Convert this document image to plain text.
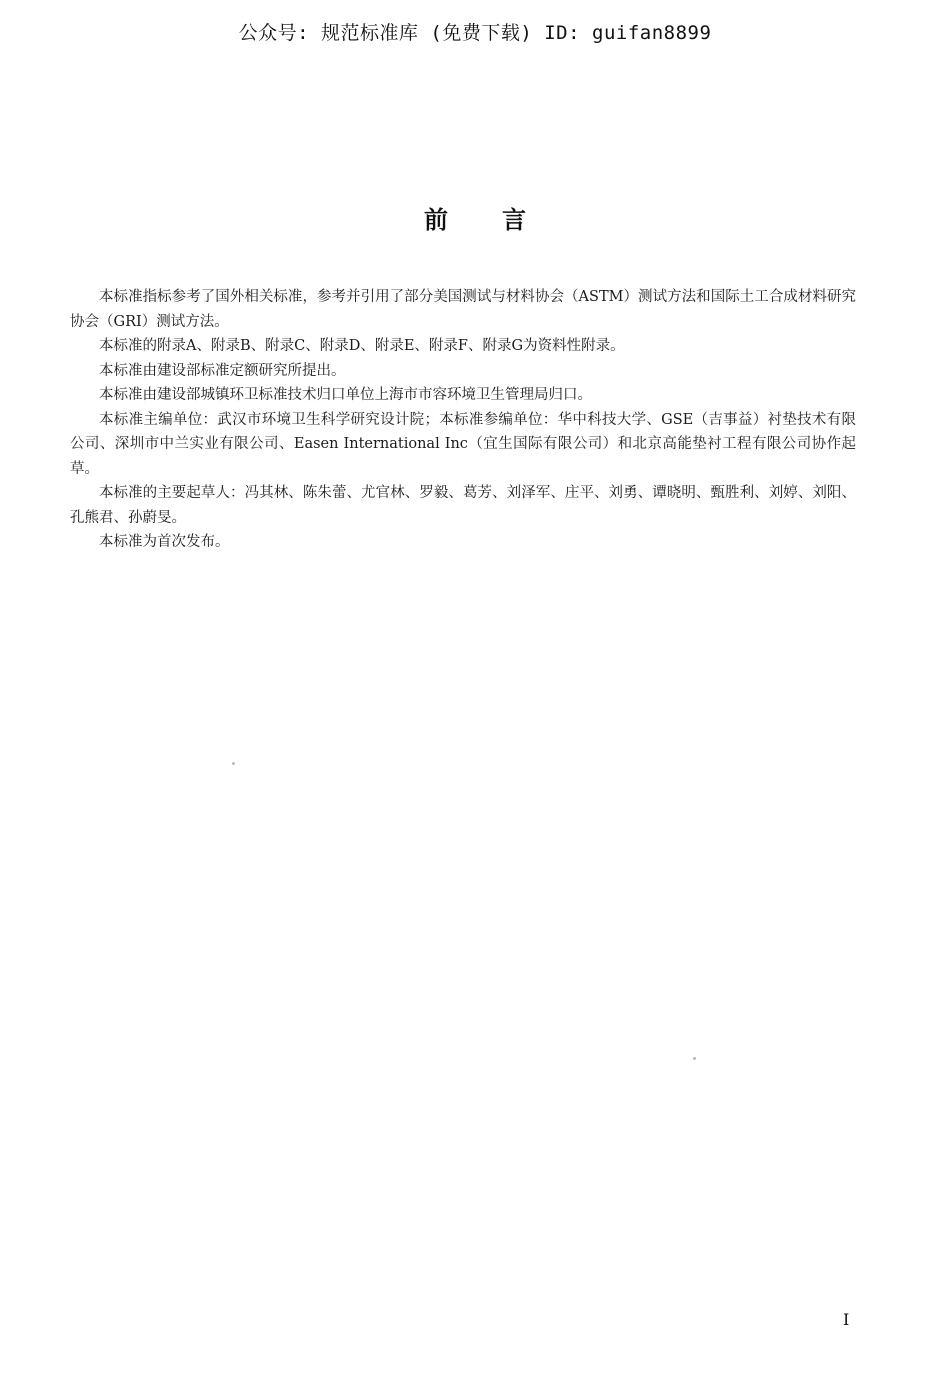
公众号: 规范标准库 (免费下载) ID: guifan8899
前言

本标准指标参考了国外相关标准，参考并引用了部分美国测试与材料协会（ASTM）测试方法和国际土工合成材料研究协会（GRI）测试方法。

本标准的附录A、附录B、附录C、附录D、附录E、附录F、附录G为资料性附录。

本标准由建设部标准定额研究所提出。

本标准由建设部城镇环卫标准技术归口单位上海市市容环境卫生管理局归口。

本标准主编单位：武汉市环境卫生科学研究设计院；本标准参编单位：华中科技大学、GSE（吉事益）衬垫技术有限公司、深圳市中兰实业有限公司、Easen International Inc（宜生国际有限公司）和北京高能垫衬工程有限公司协作起草。

本标准的主要起草人：冯其林、陈朱蕾、尤官林、罗毅、葛芳、刘泽军、庄平、刘勇、谭晓明、甄胜利、刘婷、刘阳、孔熊君、孙蔚旻。

本标准为首次发布。

I
